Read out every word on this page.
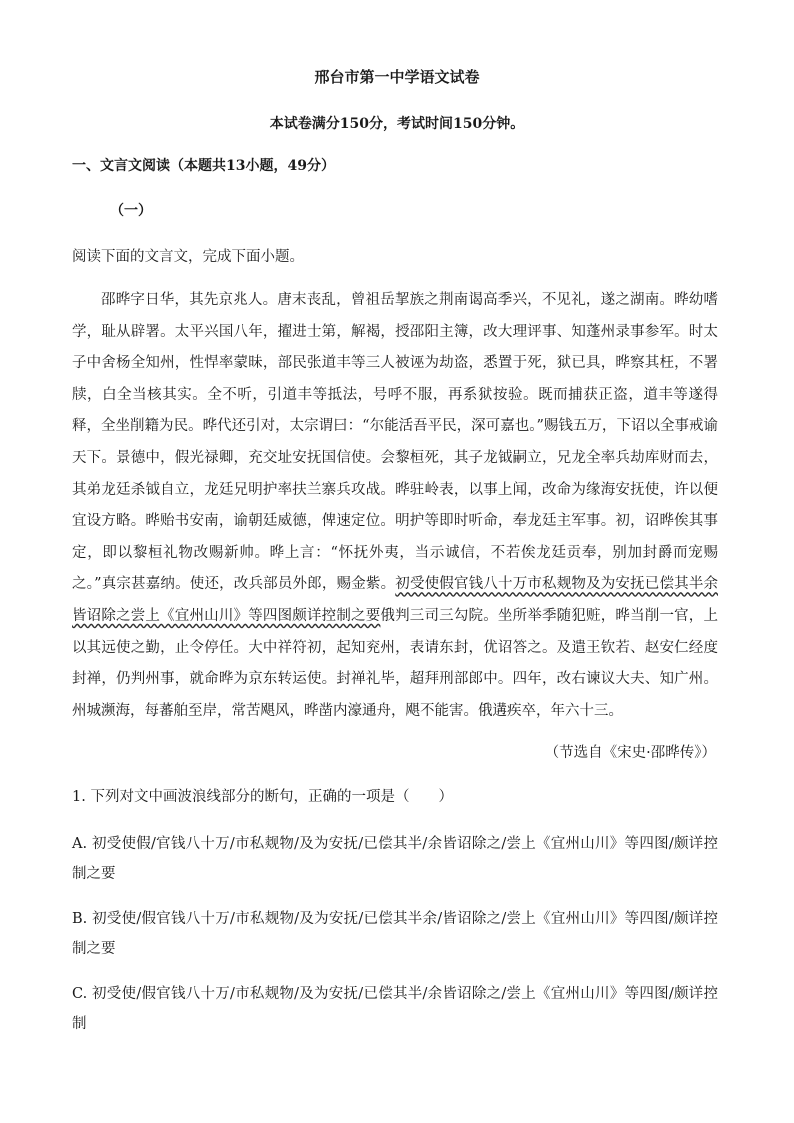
邢台市第一中学语文试卷
本试卷满分150分，考试时间150分钟。
一、文言文阅读（本题共13小题，49分）
（一）
阅读下面的文言文，完成下面小题。
邵晔字日华，其先京兆人。唐末丧乱，曾祖岳挈族之荆南谒高季兴，不见礼，遂之湖南。晔幼嗜学，耻从辟署。太平兴国八年，擢进士第，解褐，授邵阳主簿，改大理评事、知蓬州录事参军。时太子中舍杨全知州，性悍率蒙昧，部民张道丰等三人被诬为劫盗，悉置于死，狱已具，晔察其枉，不署牍，白全当核其实。全不听，引道丰等抵法，号呼不服，再系狱按验。既而捕获正盗，道丰等遂得释，全坐削籍为民。晔代还引对，太宗谓曰：“尔能活吾平民，深可嘉也。”赐钱五万，下诏以全事戒谕天下。景德中，假光禄卿，充交址安抚国信使。会黎桓死，其子龙钺嗣立，兄龙全率兵劫库财而去，其弟龙廷杀钺自立，龙廷兄明护率扶兰寨兵攻战。晔驻岭表，以事上闻，改命为缘海安抚使，许以便宜设方略。晔贻书安南，谕朝廷威德，俾速定位。明护等即时听命，奉龙廷主军事。初，诏晔俟其事定，即以黎桓礼物改赐新帅。晔上言：“怀抚外夷，当示诚信，不若俟龙廷贡奉，别加封爵而宠赐之。”真宗甚嘉纳。使还，改兵部员外郎，赐金紫。初受使假官钱八十万市私觌物及为安抚已偿其半余皆诏除之尝上《宜州山川》等四图颇详控制之要俄判三司三勾院。坐所举季随犯赃，晔当削一官，上以其远使之勤，止令停任。大中祥符初，起知兖州，表请东封，优诏答之。及遣王钦若、赵安仁经度封禅，仍判州事，就命晔为京东转运使。封禅礼毕，超拜刑部郎中。四年，改右谏议大夫、知广州。州城濒海，每蕃舶至岸，常苦飓风，晔凿内濠通舟，飓不能害。俄遘疾卒，年六十三。
（节选自《宋史·邵晔传》）
1. 下列对文中画波浪线部分的断句，正确的一项是（　　）
A. 初受使假/官钱八十万/市私觌物/及为安抚/已偿其半/余皆诏除之/尝上《宜州山川》等四图/颇详控制之要
B. 初受使/假官钱八十万/市私觌物/及为安抚/已偿其半余/皆诏除之/尝上《宜州山川》等四图/颇详控制之要
C. 初受使/假官钱八十万/市私觌物/及为安抚/已偿其半/余皆诏除之/尝上《宜州山川》等四图/颇详控制
